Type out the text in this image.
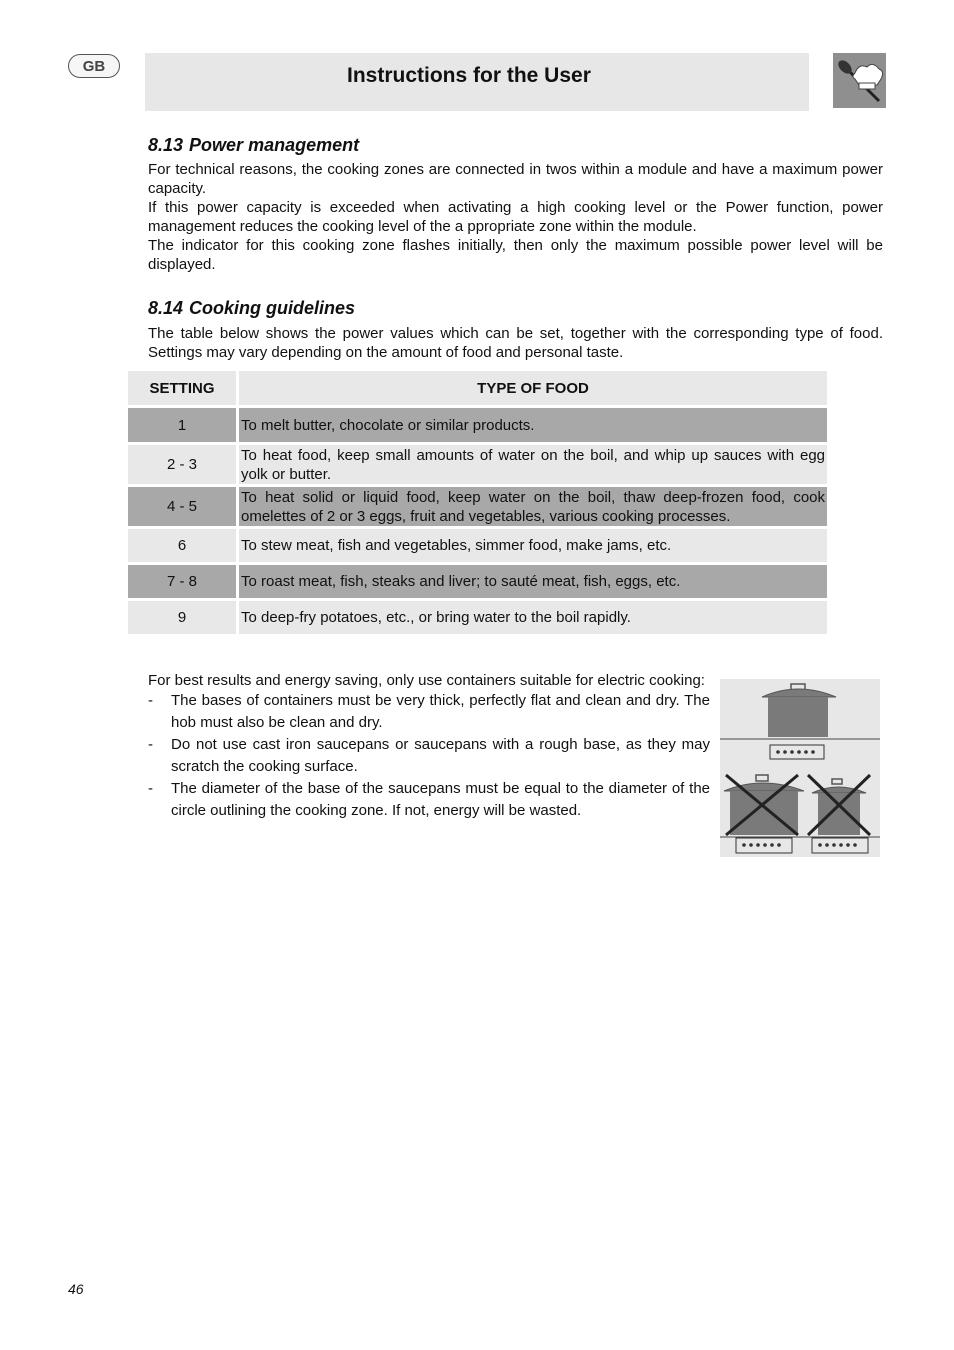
GB	Instructions for the User
8.13 Power management

For technical reasons, the cooking zones are connected in twos within a module and have a maximum power capacity.

If this power capacity is exceeded when activating a high cooking level or the Power function, power management reduces the cooking level of the a ppropriate zone within the module.

The indicator for this cooking zone flashes initially, then only the maximum possible power level will be displayed.

8.14 Cooking guidelines

The table below shows the power values which can be set, together with the corresponding type of food. Settings may vary depending on the amount of food and personal taste.

SETTING		TYPE OF FOOD
1		To melt butter, chocolate or similar products.
2 - 3		To heat food, keep small amounts of water on the boil, and whip up sauces with egg yolk or butter.
4 - 5		To heat solid or liquid food, keep water on the boil, thaw deep-frozen food, cook omelettes of 2 or 3 eggs, fruit and vegetables, various cooking processes.
6		To stew meat, fish and vegetables, simmer food, make jams, etc.
7 - 8		To roast meat, fish, steaks and liver; to sauté meat, fish, eggs, etc.
9		To deep-fry potatoes, etc., or bring water to the boil rapidly.

For best results and energy saving, only use containers suitable for electric cooking:

-	The bases of containers must be very thick, perfectly flat and clean and dry. The hob must also be clean and dry.
-	Do not use cast iron saucepans or saucepans with a rough base, as they may scratch the cooking surface.
-	The diameter of the base of the saucepans must be equal to the diameter of the circle outlining the cooking zone. If not, energy will be wasted.
46
